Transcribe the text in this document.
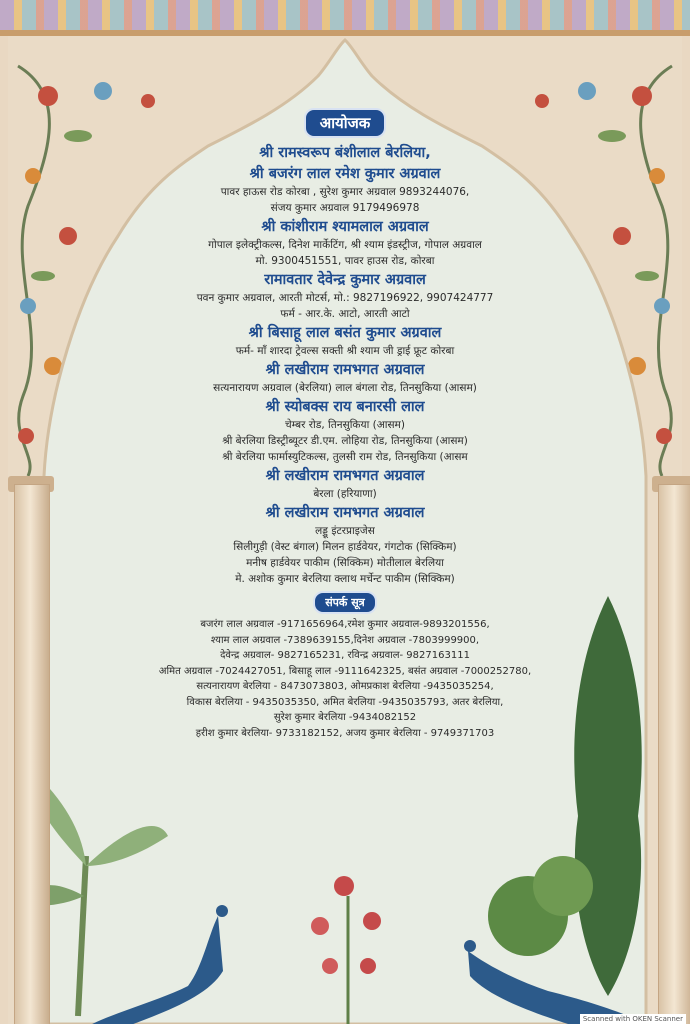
आयोजक
श्री रामस्वरूप बंशीलाल बेरलिया,
श्री बजरंग लाल रमेश कुमार अग्रवाल
पावर हाऊस रोड कोरबा , सुरेश कुमार अग्रवाल 9893244076,
संजय कुमार अग्रवाल 9179496978
श्री कांशीराम श्यामलाल अग्रवाल
गोपाल इलेक्ट्रीकल्स, दिनेश मार्केटिंग, श्री श्याम इंडस्ट्रीज, गोपाल अग्रवाल
मो. 9300451551, पावर हाउस रोड, कोरबा
रामावतार देवेन्द्र कुमार अग्रवाल
पवन कुमार अग्रवाल, आरती मोटर्स, मो.: 9827196922, 9907424777
फर्म - आर.के. आटो, आरती आटो
श्री बिसाहू लाल बसंत कुमार अग्रवाल
फर्म- माँ शारदा ट्रेवल्स सक्ती श्री श्याम जी ड्राई फ्रूट कोरबा
श्री लखीराम रामभगत अग्रवाल
सत्यनारायण अग्रवाल (बेरलिया) लाल बंगला रोड, तिनसुकिया (आसम)
श्री स्योबक्स राय बनारसी लाल
चेम्बर रोड, तिनसुकिया (आसम)
श्री बेरलिया डिस्ट्रीब्यूटर डी.एम. लोहिया रोड, तिनसुकिया (आसम)
श्री बेरलिया फार्मास्युटिकल्स, तुलसी राम रोड, तिनसुकिया (आसम
श्री लखीराम रामभगत अग्रवाल
बेरला (हरियाणा)
श्री लखीराम रामभगत अग्रवाल
लड्डू इंटरप्राइजेस
सिलीगुड़ी (वेस्ट बंगाल) मिलन हार्डवेयर, गंगटोक (सिक्किम)
मनीष हार्डवेयर पाकीम (सिक्किम) मोतीलाल बेरलिया
मे. अशोक कुमार बेरलिया क्लाथ मर्चेन्ट पाकीम (सिक्किम)
संपर्क सूत्र
बजरंग लाल अग्रवाल -9171656964,रमेश कुमार अग्रवाल-9893201556,
श्याम लाल अग्रवाल -7389639155,दिनेश अग्रवाल -7803999900,
देवेन्द्र अग्रवाल- 9827165231, रविन्द्र अग्रवाल- 9827163111
अमित अग्रवाल -7024427051, बिसाहू लाल -9111642325, बसंत अग्रवाल -7000252780,
सत्यनारायण बेरलिया - 8473073803, ओमप्रकाश बेरलिया -9435035254,
विकास बेरलिया - 9435035350, अमित बेरलिया -9435035793, अतर बेरलिया,
सुरेश कुमार बेरलिया -9434082152
हरीश कुमार बेरलिया- 9733182152, अजय कुमार बेरलिया - 9749371703
Scanned with OKEN Scanner
